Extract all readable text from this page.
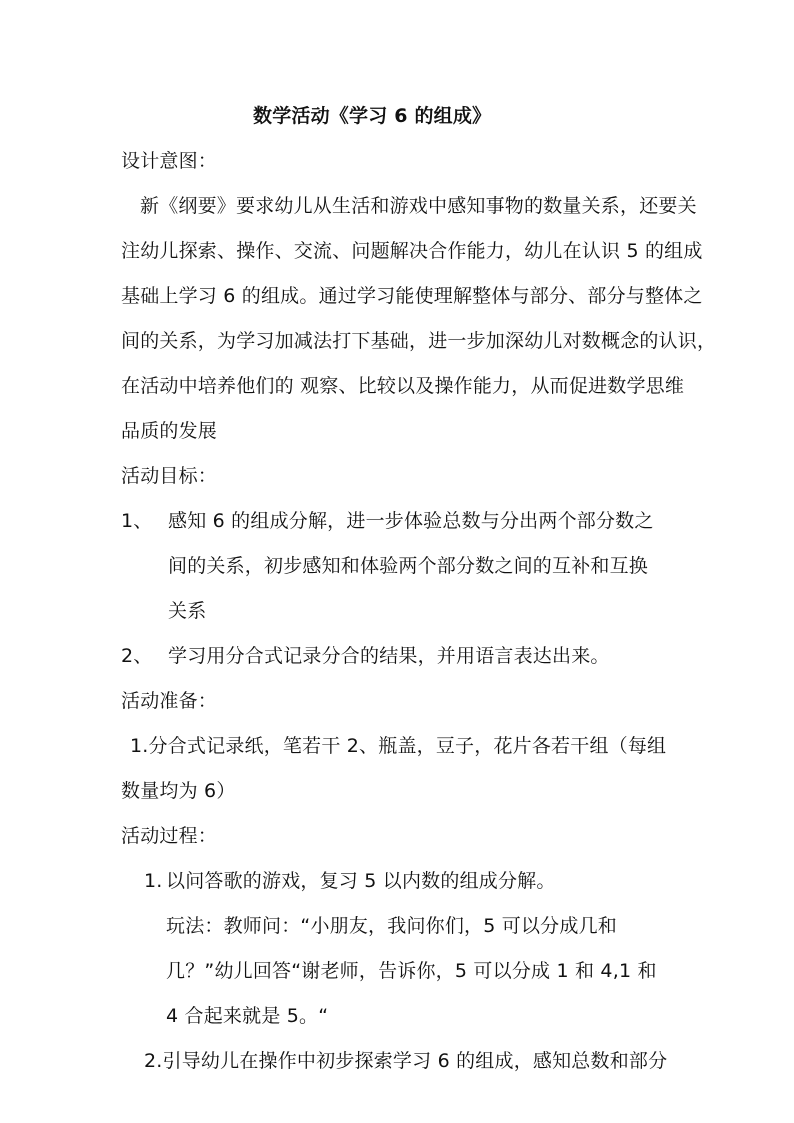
数学活动《学习 6 的组成》
设计意图：
新《纲要》要求幼儿从生活和游戏中感知事物的数量关系，还要关
注幼儿探索、操作、交流、问题解决合作能力，幼儿在认识 5 的组成
基础上学习 6 的组成。通过学习能使理解整体与部分、部分与整体之
间的关系，为学习加减法打下基础，进一步加深幼儿对数概念的认识，
在活动中培养他们的 观察、比较以及操作能力，从而促进数学思维
品质的发展
活动目标：
1、 感知 6 的组成分解，进一步体验总数与分出两个部分数之
间的关系，初步感知和体验两个部分数之间的互补和互换
关系
2、 学习用分合式记录分合的结果，并用语言表达出来。
活动准备：
1.分合式记录纸，笔若干 2、瓶盖，豆子，花片各若干组（每组
数量均为 6）
活动过程：
1. 以问答歌的游戏，复习 5 以内数的组成分解。
玩法：教师问：“小朋友，我问你们，5 可以分成几和
几？”幼儿回答“谢老师，告诉你，5 可以分成 1 和 4,1 和
4 合起来就是 5。“
2.引导幼儿在操作中初步探索学习 6 的组成，感知总数和部分
